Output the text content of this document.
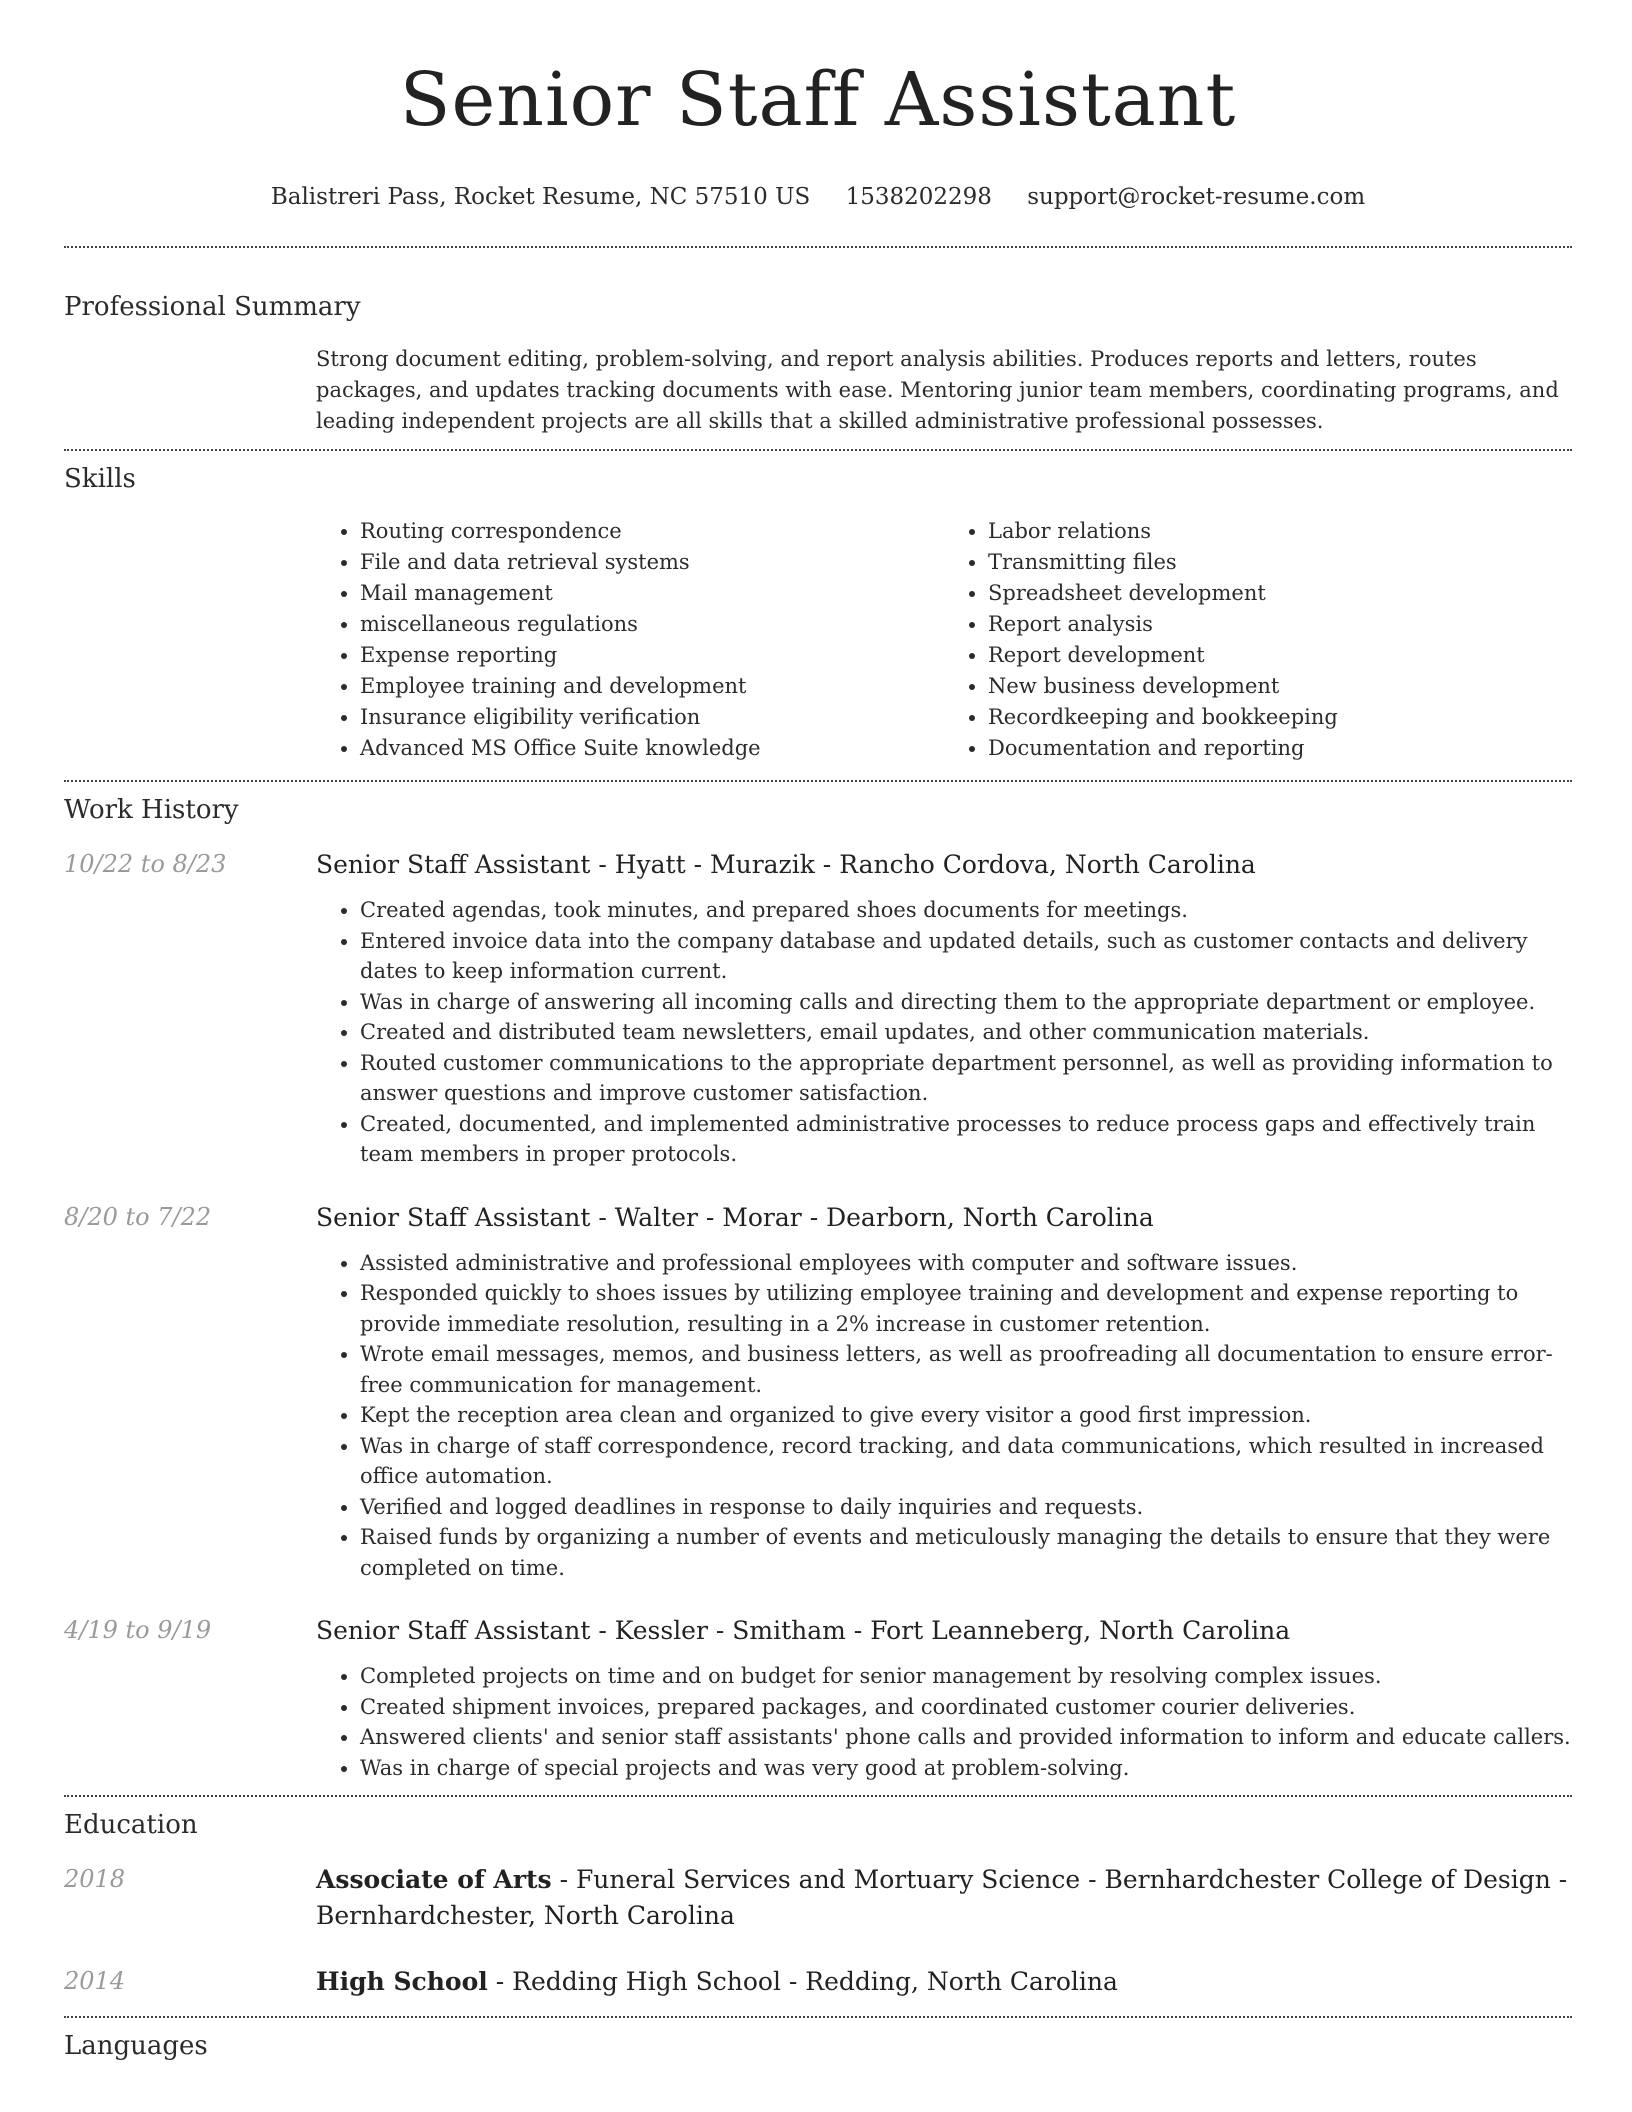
Senior Staff Assistant
Balistreri Pass, Rocket Resume, NC 57510 US 1538202298 support@rocket-resume.com
Professional Summary
Strong document editing, problem-solving, and report analysis abilities. Produces reports and letters, routes packages, and updates tracking documents with ease. Mentoring junior team members, coordinating programs, and leading independent projects are all skills that a skilled administrative professional possesses.
Skills
• Routing correspondence
• File and data retrieval systems
• Mail management
• miscellaneous regulations
• Expense reporting
• Employee training and development
• Insurance eligibility verification
• Advanced MS Office Suite knowledge
• Labor relations
• Transmitting files
• Spreadsheet development
• Report analysis
• Report development
• New business development
• Recordkeeping and bookkeeping
• Documentation and reporting
Work History
10/22 to 8/23	Senior Staff Assistant - Hyatt - Murazik - Rancho Cordova, North Carolina
• Created agendas, took minutes, and prepared shoes documents for meetings.
• Entered invoice data into the company database and updated details, such as customer contacts and delivery dates to keep information current.
• Was in charge of answering all incoming calls and directing them to the appropriate department or employee.
• Created and distributed team newsletters, email updates, and other communication materials.
• Routed customer communications to the appropriate department personnel, as well as providing information to answer questions and improve customer satisfaction.
• Created, documented, and implemented administrative processes to reduce process gaps and effectively train team members in proper protocols.
8/20 to 7/22	Senior Staff Assistant - Walter - Morar - Dearborn, North Carolina
• Assisted administrative and professional employees with computer and software issues.
• Responded quickly to shoes issues by utilizing employee training and development and expense reporting to provide immediate resolution, resulting in a 2% increase in customer retention.
• Wrote email messages, memos, and business letters, as well as proofreading all documentation to ensure error-free communication for management.
• Kept the reception area clean and organized to give every visitor a good first impression.
• Was in charge of staff correspondence, record tracking, and data communications, which resulted in increased office automation.
• Verified and logged deadlines in response to daily inquiries and requests.
• Raised funds by organizing a number of events and meticulously managing the details to ensure that they were completed on time.
4/19 to 9/19	Senior Staff Assistant - Kessler - Smitham - Fort Leanneberg, North Carolina
• Completed projects on time and on budget for senior management by resolving complex issues.
• Created shipment invoices, prepared packages, and coordinated customer courier deliveries.
• Answered clients' and senior staff assistants' phone calls and provided information to inform and educate callers.
• Was in charge of special projects and was very good at problem-solving.
Education
2018	Associate of Arts - Funeral Services and Mortuary Science - Bernhardchester College of Design - Bernhardchester, North Carolina
2014	High School - Redding High School - Redding, North Carolina
Languages
